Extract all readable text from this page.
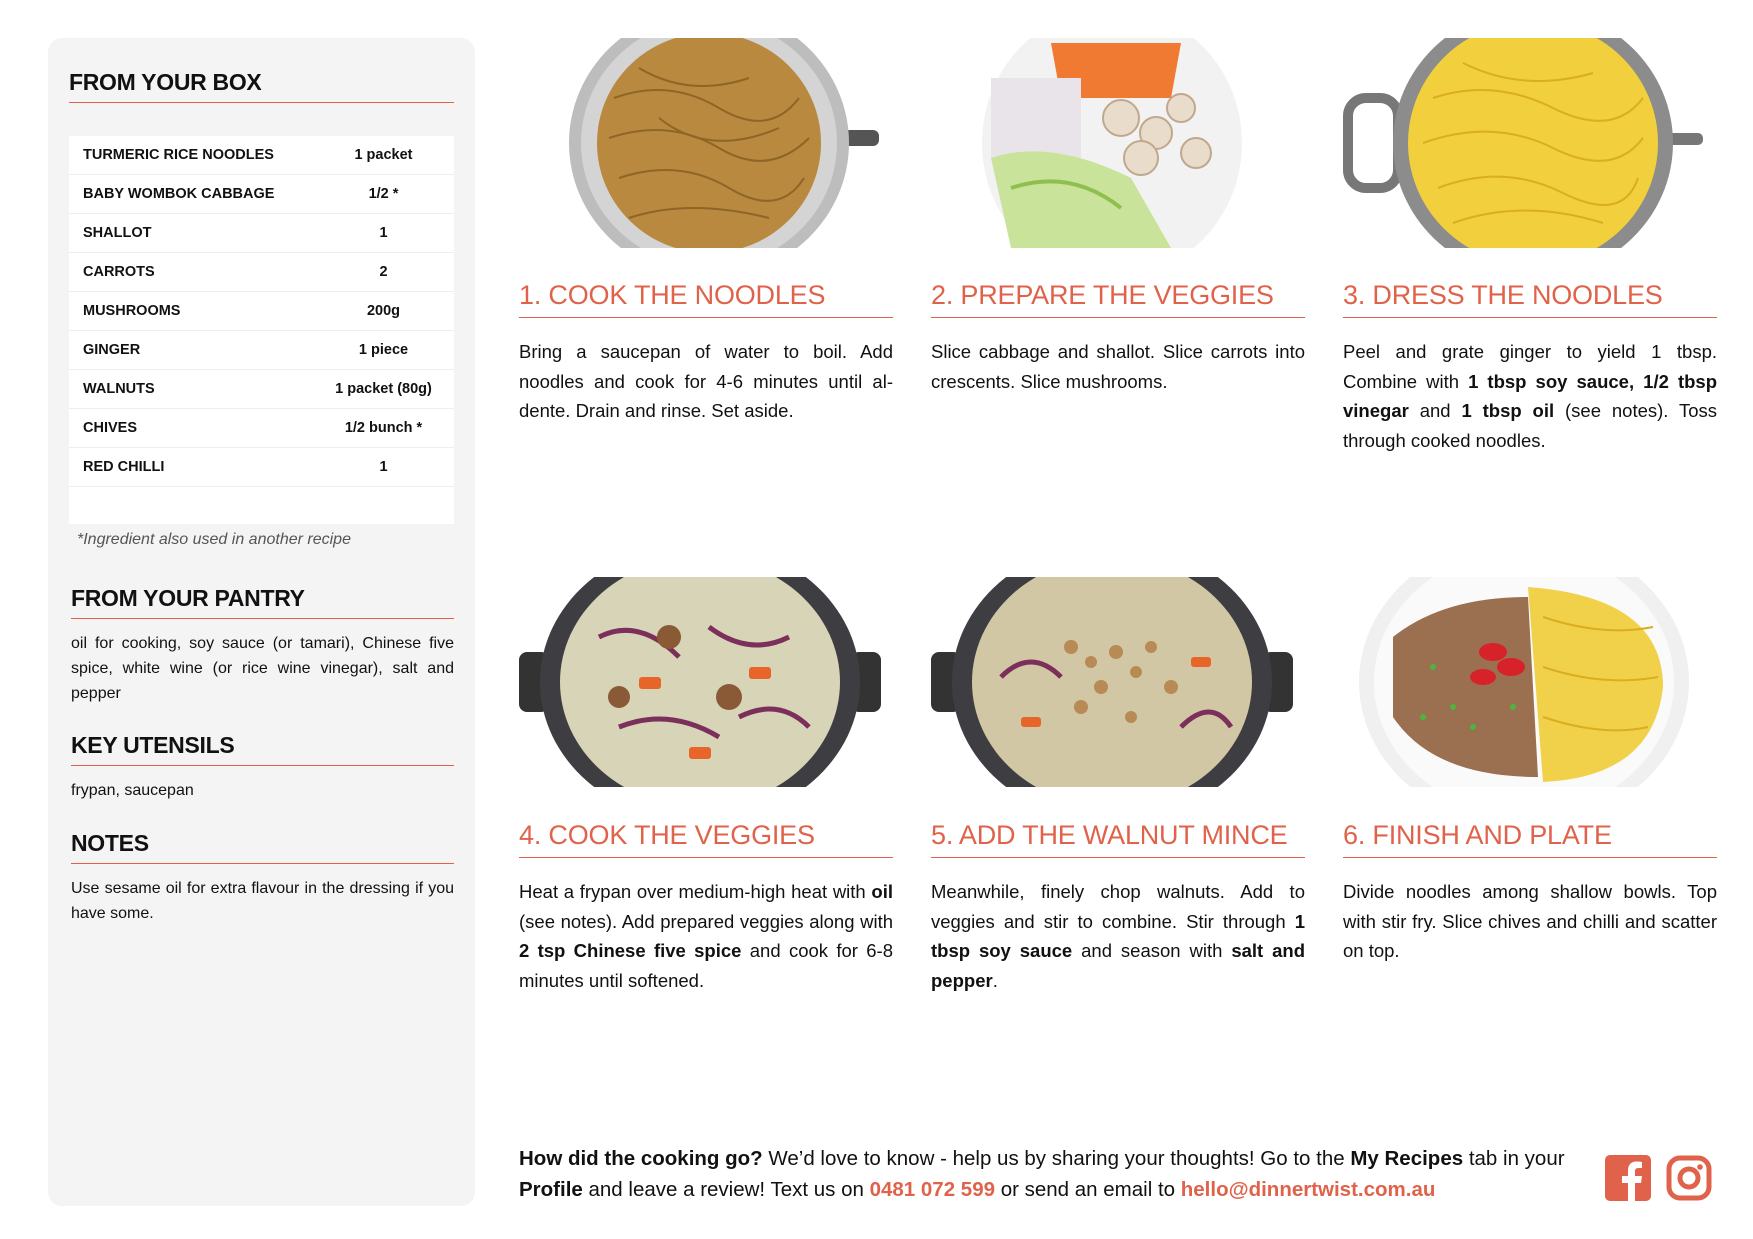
FROM YOUR BOX
TURMERIC RICE NOODLES	1 packet
BABY WOMBOK CABBAGE	1/2 *
SHALLOT	1
CARROTS	2
MUSHROOMS	200g
GINGER	1 piece
WALNUTS	1 packet (80g)
CHIVES	1/2 bunch *
RED CHILLI	1

*Ingredient also used in another recipe
FROM YOUR PANTRY
oil for cooking, soy sauce (or tamari), Chinese five spice, white wine (or rice wine vinegar), salt and pepper
KEY UTENSILS
frypan, saucepan
NOTES
Use sesame oil for extra flavour in the dressing if you have some.
1. COOK THE NOODLES
Bring a saucepan of water to boil. Add noodles and cook for 4-6 minutes until al-dente. Drain and rinse. Set aside.
2. PREPARE THE VEGGIES
Slice cabbage and shallot. Slice carrots into crescents. Slice mushrooms.
3. DRESS THE NOODLES
Peel and grate ginger to yield 1 tbsp. Combine with 1 tbsp soy sauce, 1/2 tbsp vinegar and 1 tbsp oil (see notes). Toss through cooked noodles.
4. COOK THE VEGGIES
Heat a frypan over medium-high heat with oil (see notes). Add prepared veggies along with 2 tsp Chinese five spice and cook for 6-8 minutes until softened.
5. ADD THE WALNUT MINCE
Meanwhile, finely chop walnuts. Add to veggies and stir to combine. Stir through 1 tbsp soy sauce and season with salt and pepper.
6. FINISH AND PLATE
Divide noodles among shallow bowls. Top with stir fry. Slice chives and chilli and scatter on top.
How did the cooking go? We’d love to know - help us by sharing your thoughts! Go to the My Recipes tab in your Profile and leave a review! Text us on 0481 072 599 or send an email to hello@dinnertwist.com.au
